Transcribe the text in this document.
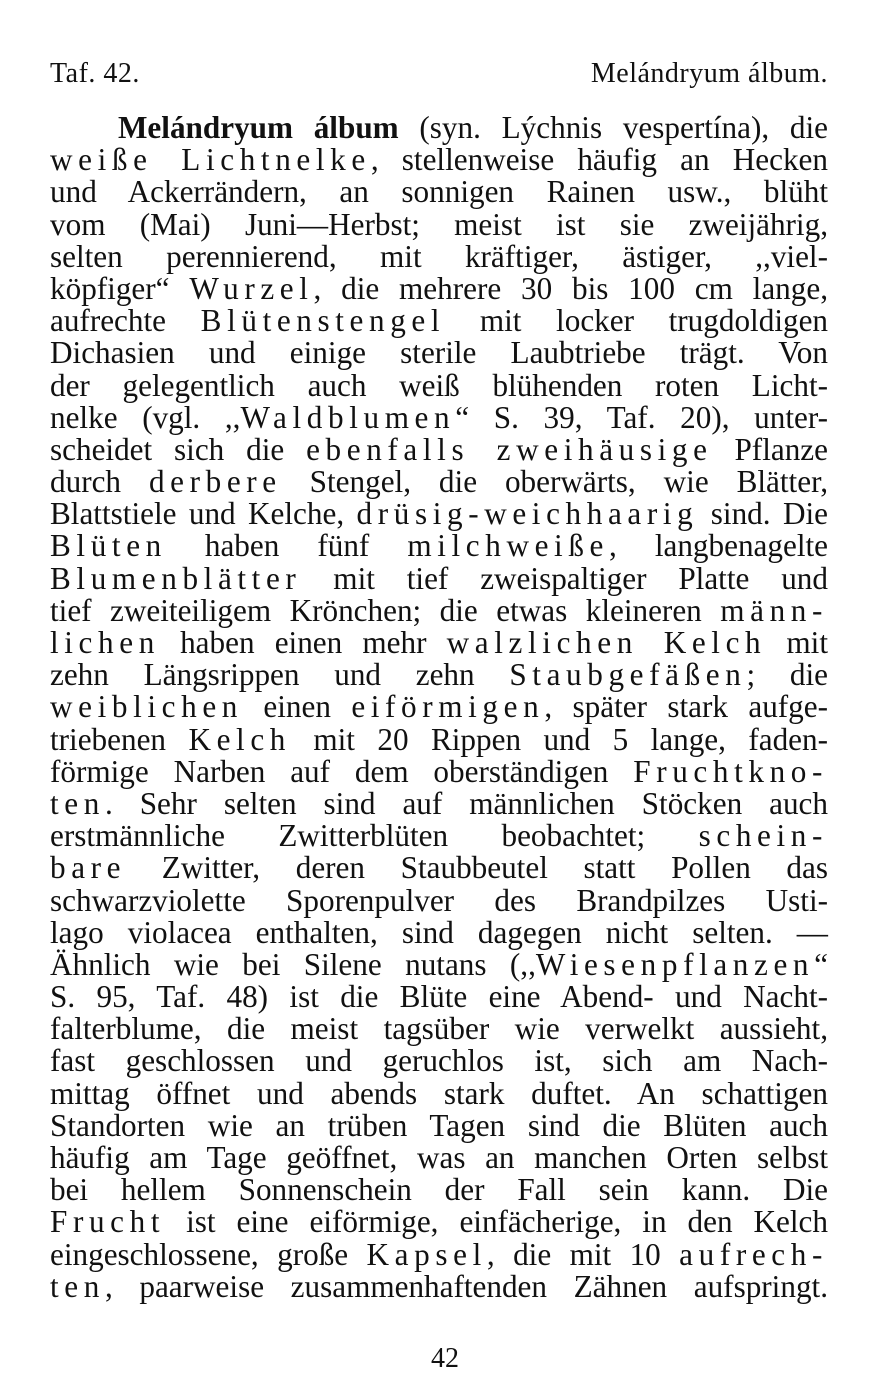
Taf. 42.	Melándryum álbum.
Melándryum álbum (syn. Lýchnis vespertína), die
weiße Lichtnelke, stellenweise häufig an Hecken
und Ackerrändern, an sonnigen Rainen usw., blüht
vom (Mai) Juni—Herbst; meist ist sie zweijährig,
selten perennierend, mit kräftiger, ästiger, ,,viel-
köpfiger“ Wurzel, die mehrere 30 bis 100 cm lange,
aufrechte Blütenstengel mit locker trugdoldigen
Dichasien und einige sterile Laubtriebe trägt. Von
der gelegentlich auch weiß blühenden roten Licht-
nelke (vgl. ,,Waldblumen“ S. 39, Taf. 20), unter-
scheidet sich die ebenfalls zweihäusige Pflanze
durch derbere Stengel, die oberwärts, wie Blätter,
Blattstiele und Kelche, drüsig-weichhaarig sind. Die
Blüten haben fünf milchweiße, langbenagelte
Blumenblätter mit tief zweispaltiger Platte und
tief zweiteiligem Krönchen; die etwas kleineren männ-
lichen haben einen mehr walzlichen Kelch mit
zehn Längsrippen und zehn Staubgefäßen; die
weiblichen einen eiförmigen, später stark aufge-
triebenen Kelch mit 20 Rippen und 5 lange, faden-
förmige Narben auf dem oberständigen Fruchtkno-
ten. Sehr selten sind auf männlichen Stöcken auch
erstmännliche Zwitterblüten beobachtet; schein-
bare Zwitter, deren Staubbeutel statt Pollen das
schwarzviolette Sporenpulver des Brandpilzes Usti-
lago violacea enthalten, sind dagegen nicht selten. —
Ähnlich wie bei Silene nutans (,,Wiesenpflanzen“
S. 95, Taf. 48) ist die Blüte eine Abend- und Nacht-
falterblume, die meist tagsüber wie verwelkt aussieht,
fast geschlossen und geruchlos ist, sich am Nach-
mittag öffnet und abends stark duftet. An schattigen
Standorten wie an trüben Tagen sind die Blüten auch
häufig am Tage geöffnet, was an manchen Orten selbst
bei hellem Sonnenschein der Fall sein kann. Die
Frucht ist eine eiförmige, einfächerige, in den Kelch
eingeschlossene, große Kapsel, die mit 10 aufrech-
ten, paarweise zusammenhaftenden Zähnen aufspringt.
42
